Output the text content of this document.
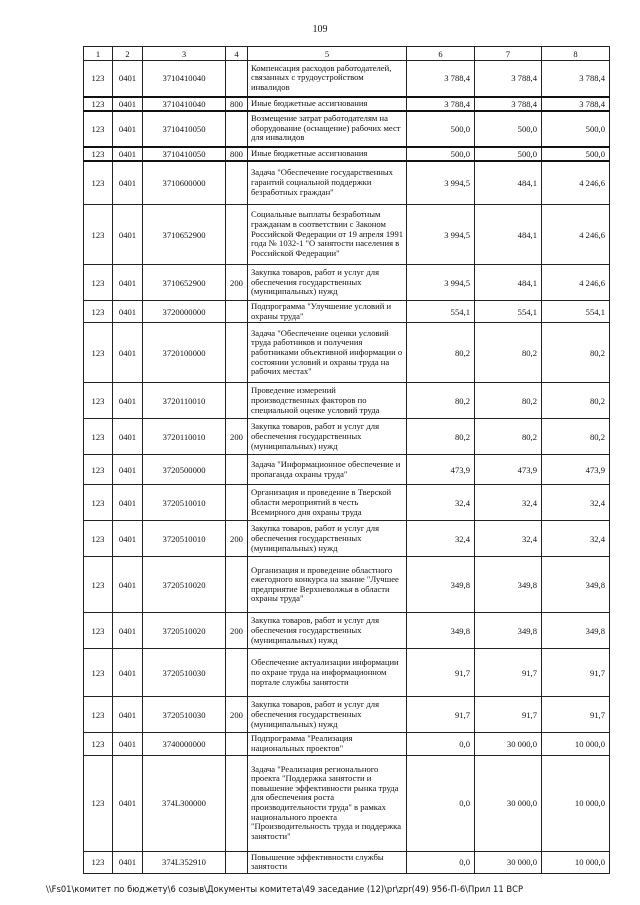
109
1	2	3	4	5	6	7	8
123	0401	3710410040		Компенсация расходов работодателей, связанных с трудоустройством инвалидов	3 788,4	3 788,4	3 788,4
123	0401	3710410040	800	Иные бюджетные ассигнования	3 788,4	3 788,4	3 788,4
123	0401	3710410050		Возмещение затрат работодателям на оборудование (оснащение) рабочих мест для инвалидов	500,0	500,0	500,0
123	0401	3710410050	800	Иные бюджетные ассигнования	500,0	500,0	500,0
123	0401	3710600000		Задача "Обеспечение государственных гарантий социальной поддержки безработных граждан"	3 994,5	484,1	4 246,6
123	0401	3710652900		Социальные выплаты безработным гражданам в соответствии с Законом Российской Федерации от 19 апреля 1991 года № 1032-1 "О занятости населения в Российской Федерации"	3 994,5	484,1	4 246,6
123	0401	3710652900	200	Закупка товаров, работ и услуг для обеспечения государственных (муниципальных) нужд	3 994,5	484,1	4 246,6
123	0401	3720000000		Подпрограмма "Улучшение условий и охраны труда"	554,1	554,1	554,1
123	0401	3720100000		Задача "Обеспечение оценки условий труда работников и получения работниками объективной информации о состоянии условий и охраны труда на рабочих местах"	80,2	80,2	80,2
123	0401	3720110010		Проведение измерений производственных факторов по специальной оценке условий труда	80,2	80,2	80,2
123	0401	3720110010	200	Закупка товаров, работ и услуг для обеспечения государственных (муниципальных) нужд	80,2	80,2	80,2
123	0401	3720500000		Задача "Информационное обеспечение и пропаганда охраны труда"	473,9	473,9	473,9
123	0401	3720510010		Организация и проведение в Тверской области мероприятий в честь Всемирного дня охраны труда	32,4	32,4	32,4
123	0401	3720510010	200	Закупка товаров, работ и услуг для обеспечения государственных (муниципальных) нужд	32,4	32,4	32,4
123	0401	3720510020		Организация и проведение областного ежегодного конкурса на звание "Лучшее предприятие Верхневолжья в области охраны труда"	349,8	349,8	349,8
123	0401	3720510020	200	Закупка товаров, работ и услуг для обеспечения государственных (муниципальных) нужд	349,8	349,8	349,8
123	0401	3720510030		Обеспечение актуализации информации по охране труда на информационном портале службы занятости	91,7	91,7	91,7
123	0401	3720510030	200	Закупка товаров, работ и услуг для обеспечения государственных (муниципальных) нужд	91,7	91,7	91,7
123	0401	3740000000		Подпрограмма "Реализация национальных проектов"	0,0	30 000,0	10 000,0
123	0401	374L300000		Задача "Реализация регионального проекта "Поддержка занятости и повышение эффективности рынка труда для обеспечения роста производительности труда" в рамках национального проекта "Производительность труда и поддержка занятости"	0,0	30 000,0	10 000,0
123	0401	374L352910		Повышение эффективности службы занятости	0,0	30 000,0	10 000,0
\\Fs01\комитет по бюджету\6 созыв\Документы комитета\49 заседание (12)\pr\zpr(49) 956-П-6\Прил 11 ВСР
